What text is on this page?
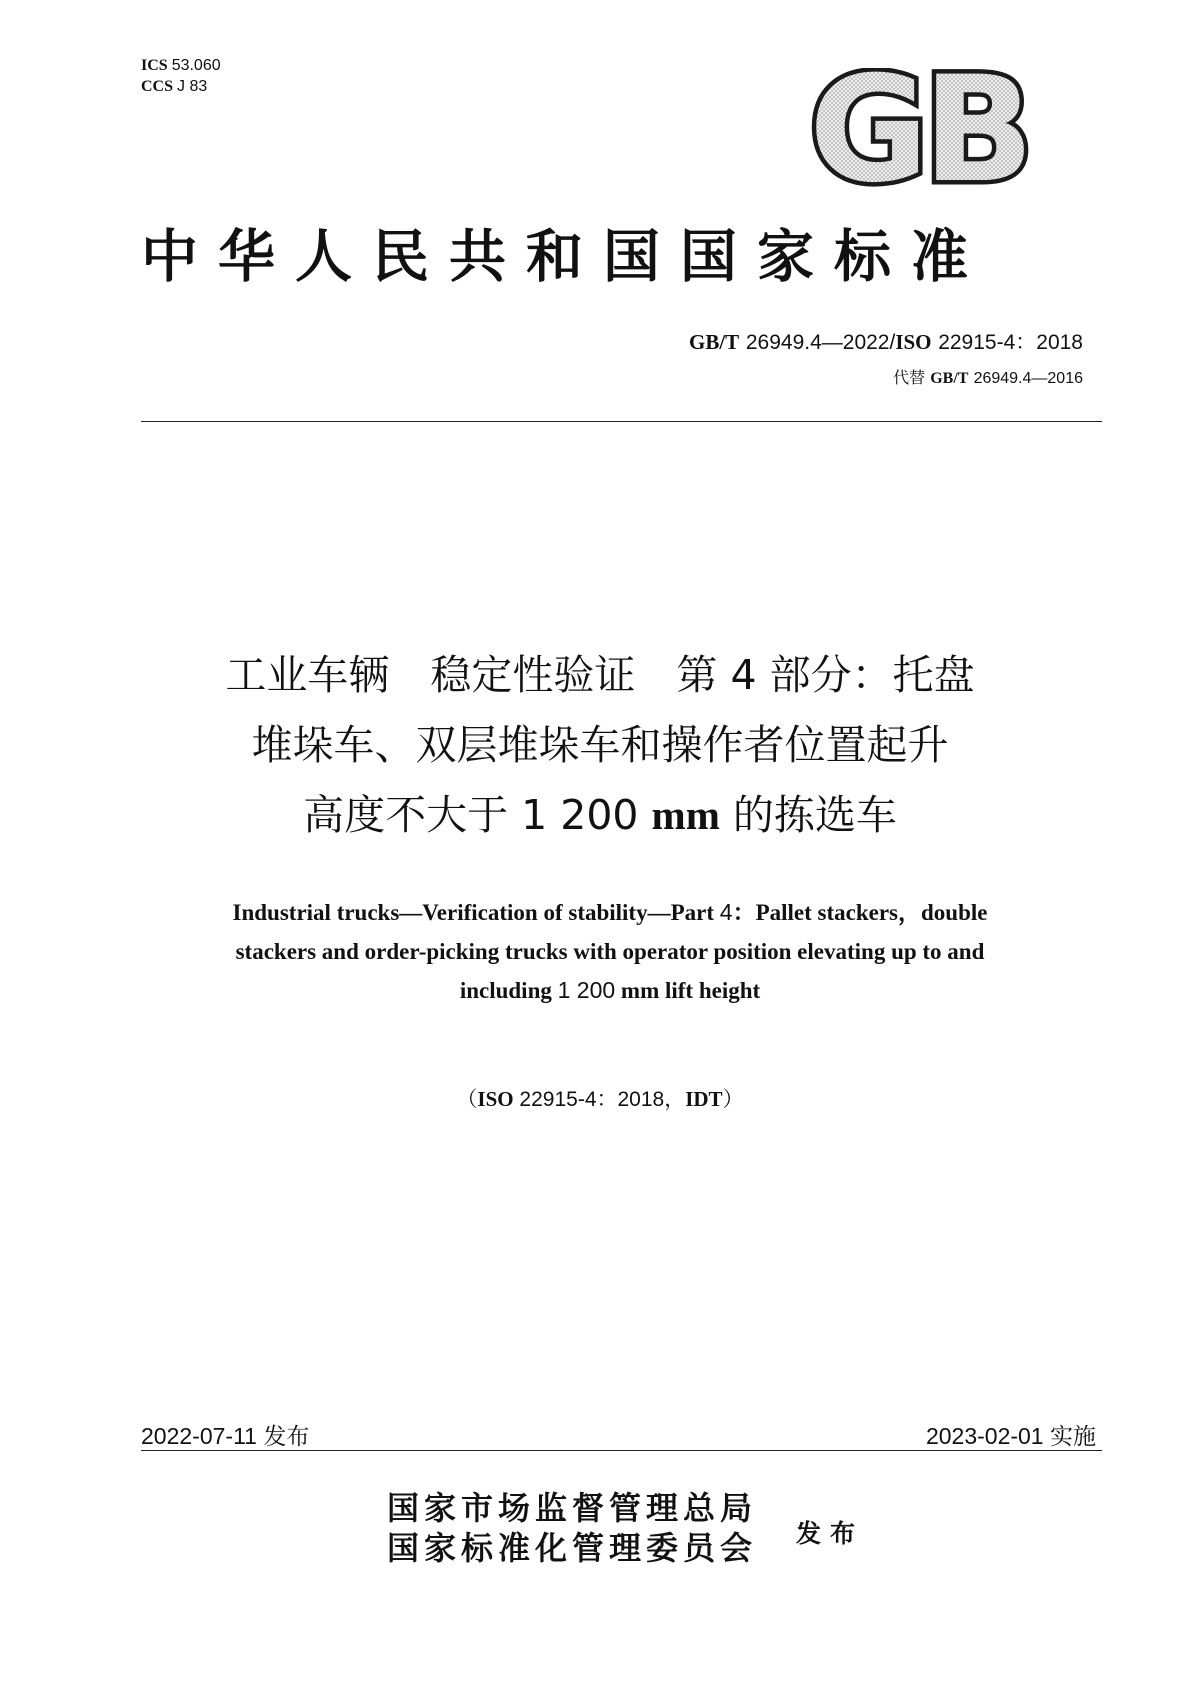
ICS 53.060
CCS J 83	GB
中华人民共和国国家标准
GB/T 26949.4—2022/ISO 22915-4：2018
代替 GB/T 26949.4—2016
工业车辆　稳定性验证　第 4 部分：托盘
堆垛车、双层堆垛车和操作者位置起升
高度不大于 1 200 mm 的拣选车
Industrial trucks—Verification of stability—Part 4：Pallet stackers，double
stackers and order-picking trucks with operator position elevating up to and
including 1 200 mm lift height
（ISO 22915-4：2018，IDT）
2022-07-11 发布	2023-02-01 实施
国家市场监督管理总局
国家标准化管理委员会 发布
